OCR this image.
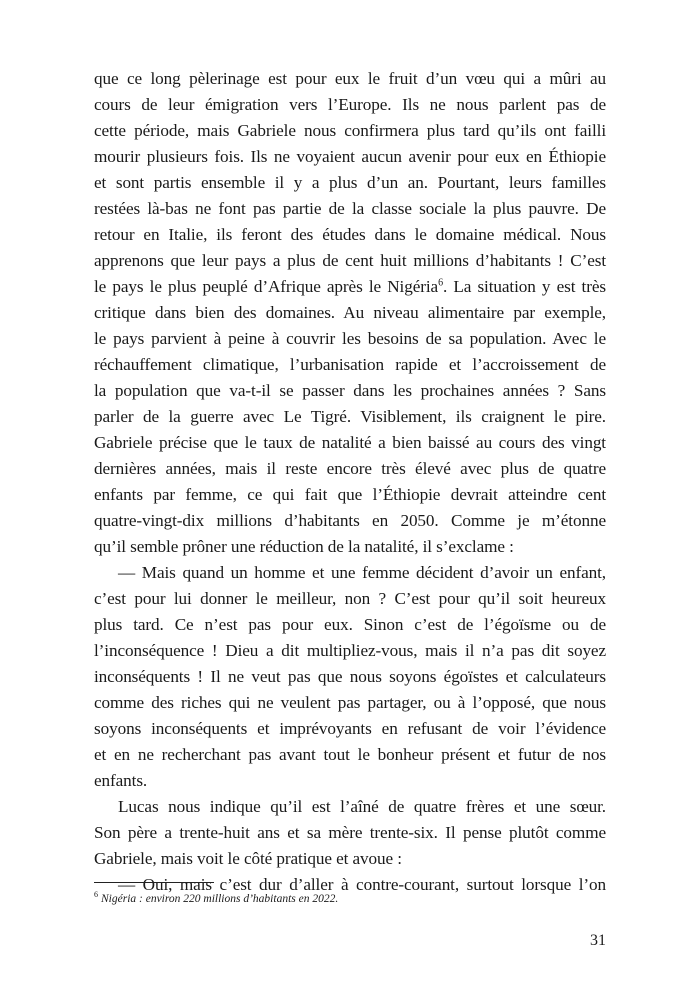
que ce long pèlerinage est pour eux le fruit d’un vœu qui a mûri au
cours de leur émigration vers l’Europe. Ils ne nous parlent pas de
cette période, mais Gabriele nous confirmera plus tard qu’ils ont failli
mourir plusieurs fois. Ils ne voyaient aucun avenir pour eux en Éthiopie
et sont partis ensemble il y a plus d’un an. Pourtant, leurs familles
restées là-bas ne font pas partie de la classe sociale la plus pauvre. De
retour en Italie, ils feront des études dans le domaine médical. Nous
apprenons que leur pays a plus de cent huit millions d’habitants ! C’est
le pays le plus peuplé d’Afrique après le Nigéria$^6$. La situation y est très
critique dans bien des domaines. Au niveau alimentaire par exemple,
le pays parvient à peine à couvrir les besoins de sa population. Avec le
réchauffement climatique, l’urbanisation rapide et l’accroissement de
la population que va-t-il se passer dans les prochaines années ? Sans
parler de la guerre avec Le Tigré. Visiblement, ils craignent le pire.
Gabriele précise que le taux de natalité a bien baissé au cours des vingt
dernières années, mais il reste encore très élevé avec plus de quatre
enfants par femme, ce qui fait que l’Éthiopie devrait atteindre cent
quatre-vingt-dix millions d’habitants en 2050. Comme je m’étonne
qu’il semble prôner une réduction de la natalité, il s’exclame :
— Mais quand un homme et une femme décident d’avoir un enfant,
c’est pour lui donner le meilleur, non ? C’est pour qu’il soit heureux
plus tard. Ce n’est pas pour eux. Sinon c’est de l’égoïsme ou de
l’inconséquence ! Dieu a dit multipliez-vous, mais il n’a pas dit soyez
inconséquents ! Il ne veut pas que nous soyons égoïstes et calculateurs
comme des riches qui ne veulent pas partager, ou à l’opposé, que nous
soyons inconséquents et imprévoyants en refusant de voir l’évidence
et en ne recherchant pas avant tout le bonheur présent et futur de nos
enfants.
Lucas nous indique qu’il est l’aîné de quatre frères et une sœur.
Son père a trente-huit ans et sa mère trente-six. Il pense plutôt comme
Gabriele, mais voit le côté pratique et avoue :
— Oui, mais c’est dur d’aller à contre-courant, surtout lorsque l’on
$^6$ Nigéria : environ 220 millions d’habitants en 2022.
31
